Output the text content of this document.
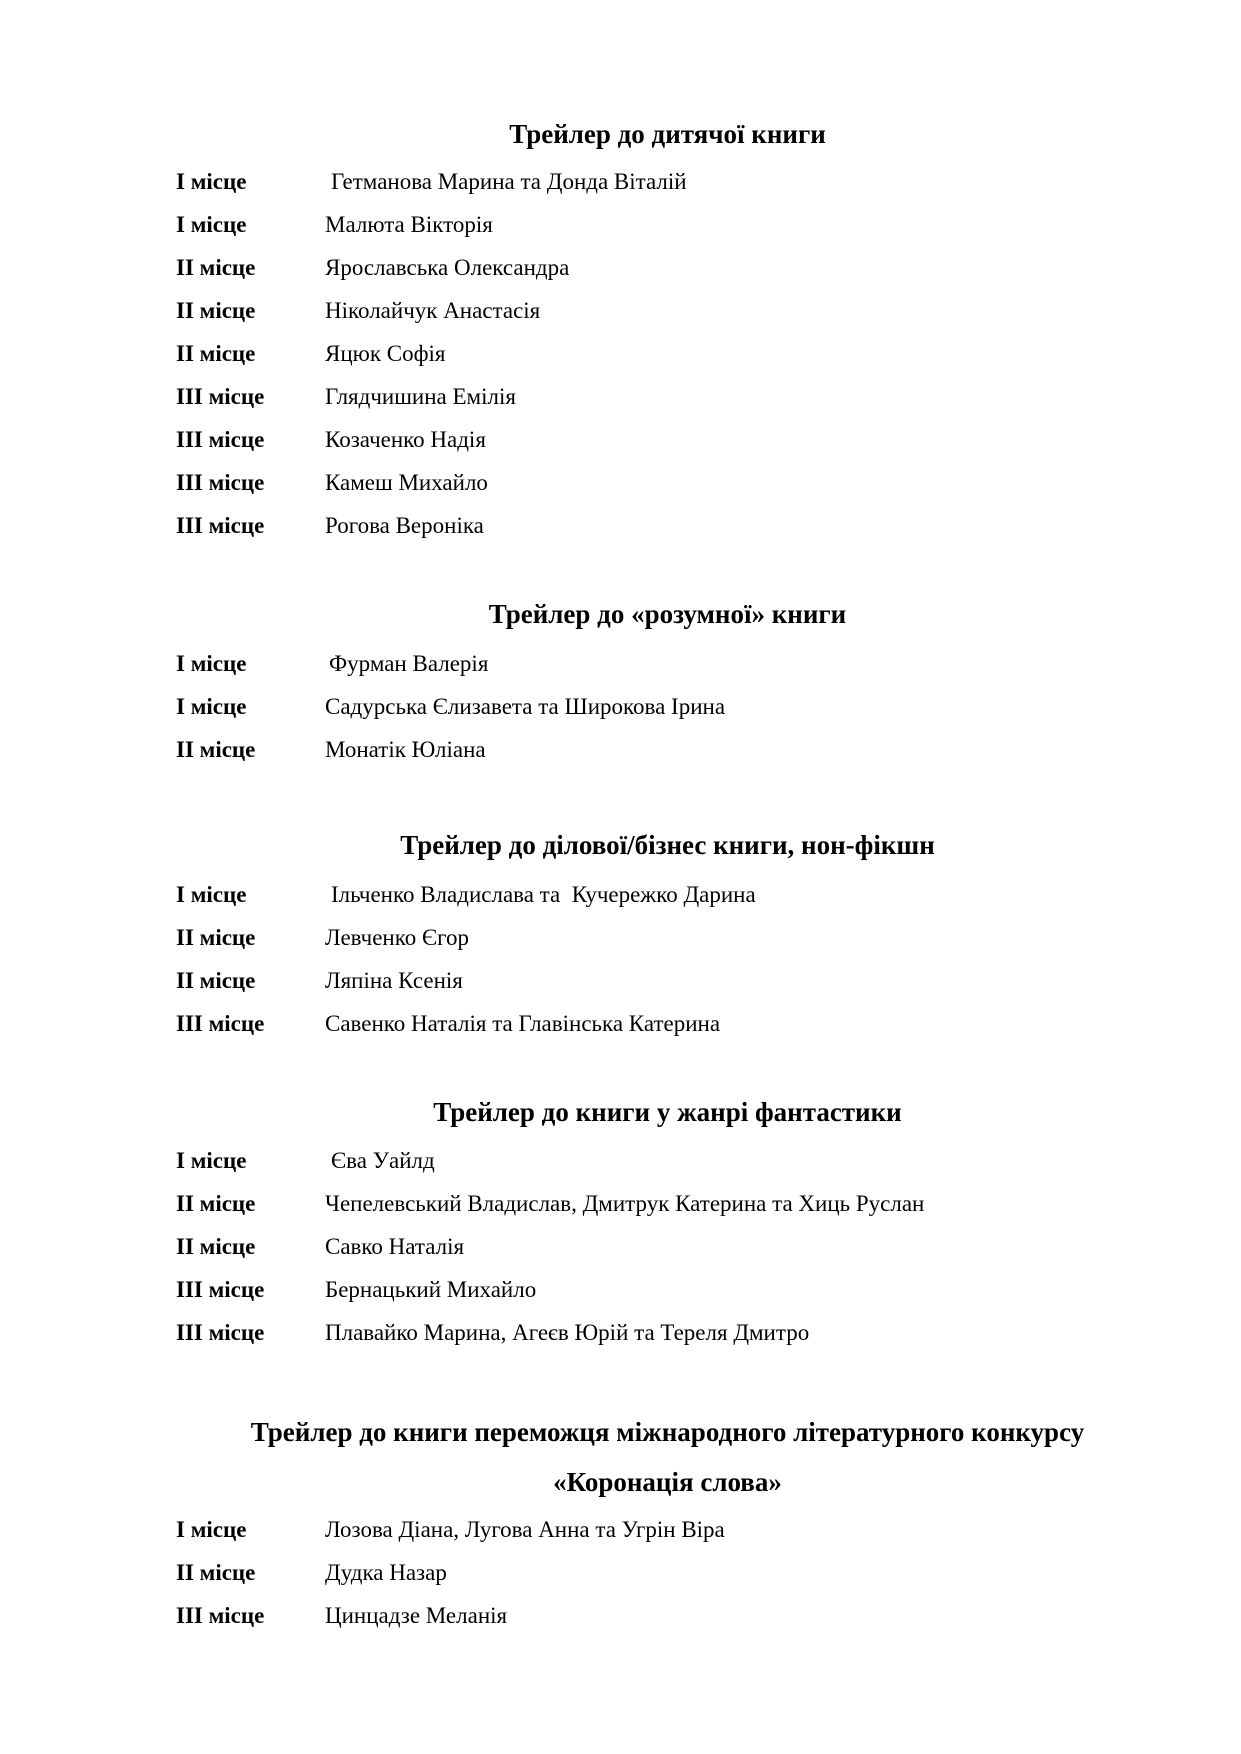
Трейлер до дитячої книги
І місце	Гетманова Марина та Донда Віталій
І місце	Малюта Вікторія
ІІ місце	Ярославська Олександра
ІІ місце	Ніколайчук Анастасія
ІІ місце	Яцюк Софія
ІІІ місце	Глядчишина Емілія
ІІІ місце	Козаченко Надія
ІІІ місце	Камеш Михайло
ІІІ місце	Рогова Вероніка
Трейлер до «розумної» книги
І місце	Фурман Валерія
І місце	Садурська Єлизавета та Широкова Ірина
ІІ місце	Монатік Юліана
Трейлер до ділової/бізнес книги, нон-фікшн
І місце	Ільченко Владислава та  Кучережко Дарина
ІІ місце	Левченко Єгор
ІІ місце	Ляпіна Ксенія
ІІІ місце	Савенко Наталія та Главінська Катерина
Трейлер до книги у жанрі фантастики
І місце	Єва Уайлд
ІІ місце	Чепелевський Владислав, Дмитрук Катерина та Хиць Руслан
ІІ місце	Савко Наталія
ІІІ місце	Бернацький Михайло
ІІІ місце	Плавайко Марина, Агеєв Юрій та Тереля Дмитро
Трейлер до книги переможця міжнародного літературного конкурсу
«Коронація слова»
І місце	Лозова Діана, Лугова Анна та Угрін Віра
ІІ місце	Дудка Назар
ІІІ місце	Цинцадзе Меланія
